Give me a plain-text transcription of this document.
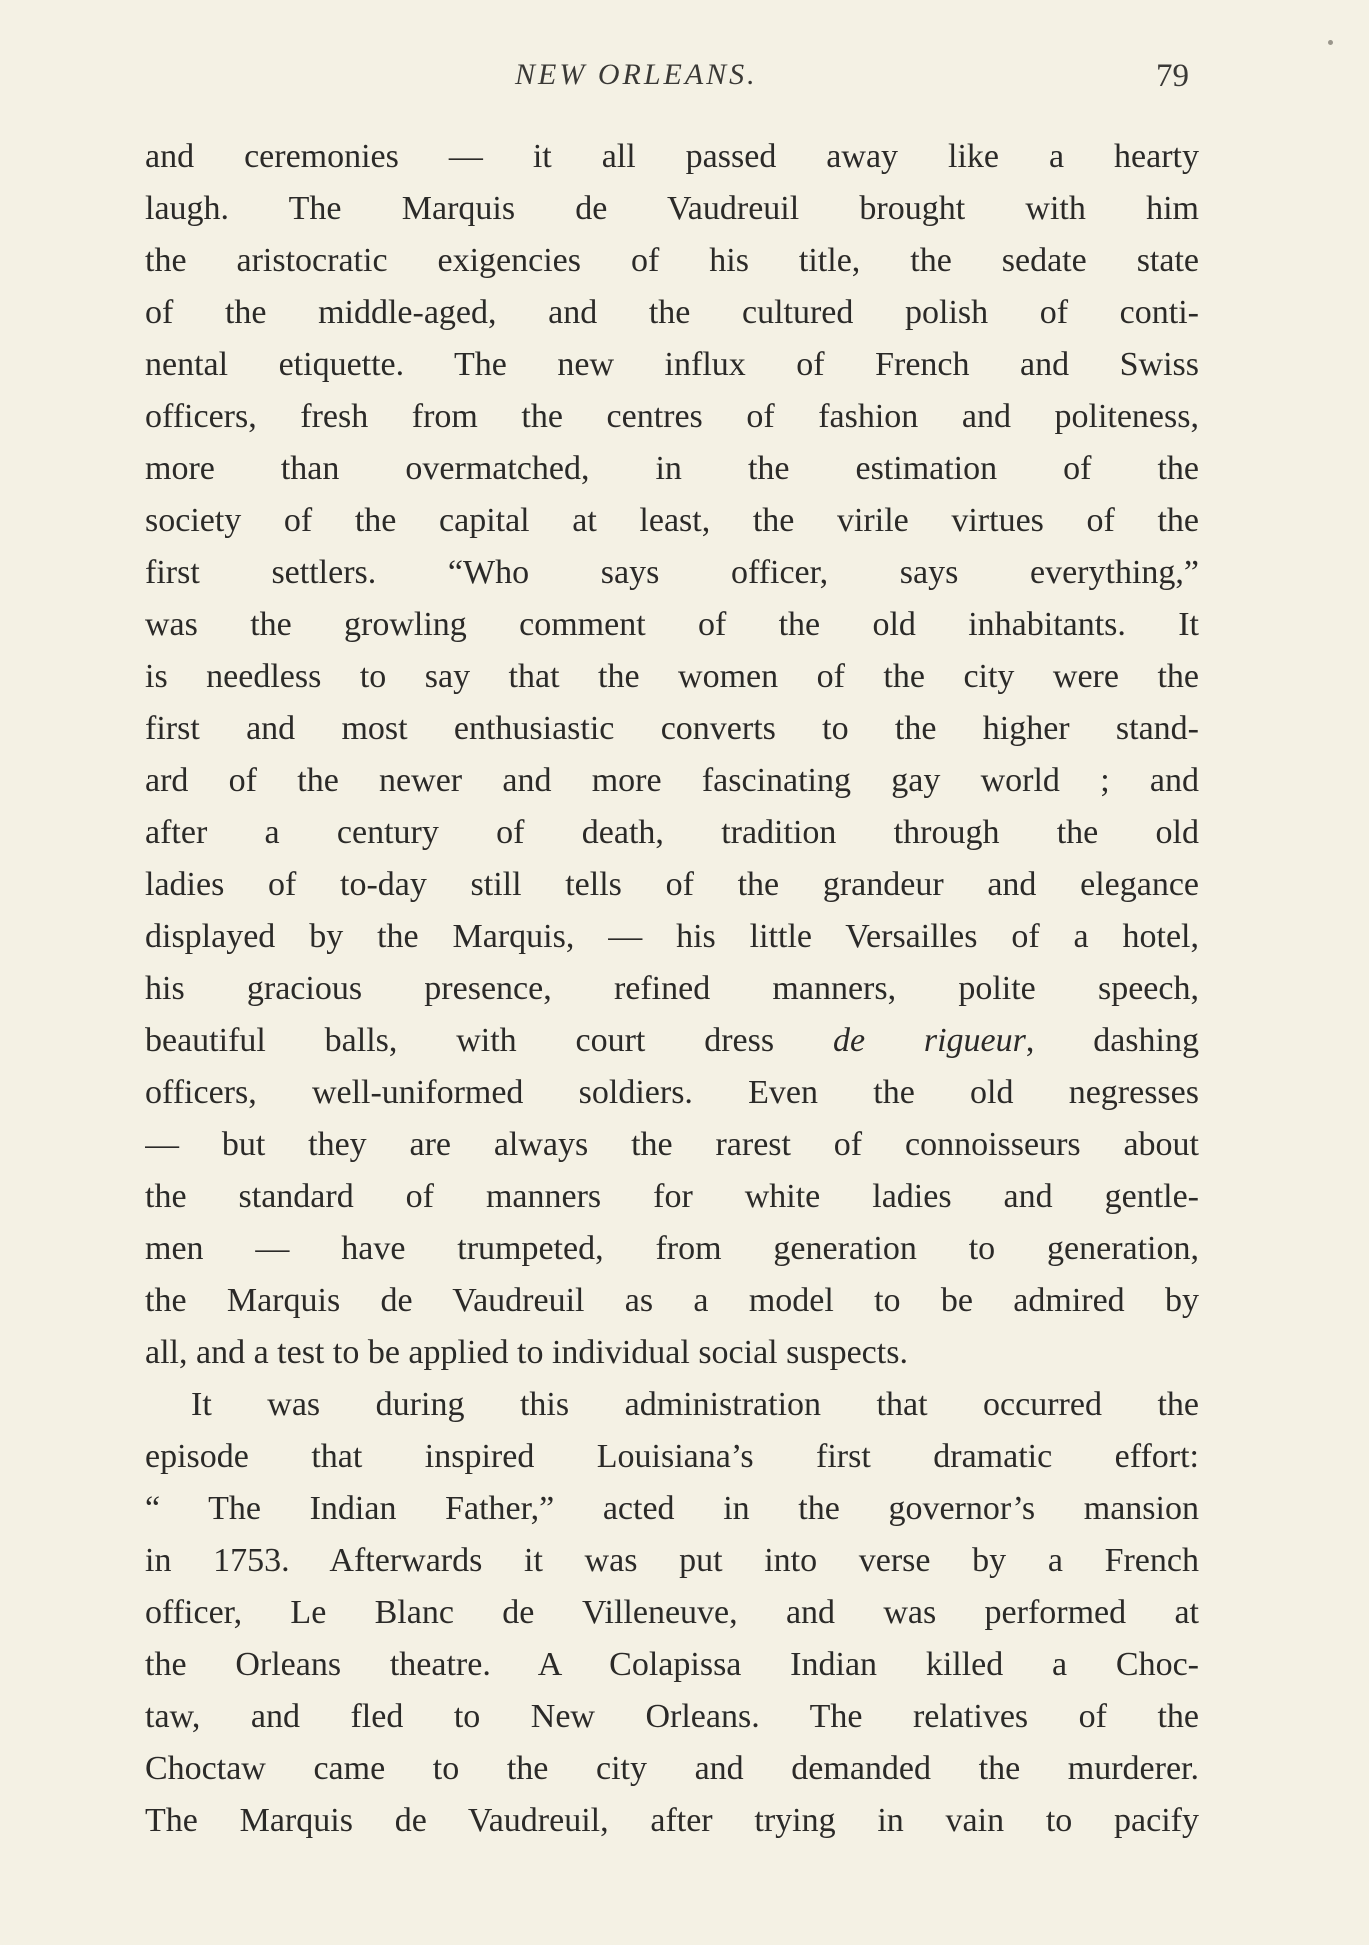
NEW ORLEANS.	79
and ceremonies — it all passed away like a hearty
laugh. The Marquis de Vaudreuil brought with him
the aristocratic exigencies of his title, the sedate state
of the middle-aged, and the cultured polish of conti-
nental etiquette. The new influx of French and Swiss
officers, fresh from the centres of fashion and politeness,
more than overmatched, in the estimation of the
society of the capital at least, the virile virtues of the
first settlers. “Who says officer, says everything,”
was the growling comment of the old inhabitants. It
is needless to say that the women of the city were the
first and most enthusiastic converts to the higher stand-
ard of the newer and more fascinating gay world ; and
after a century of death, tradition through the old
ladies of to-day still tells of the grandeur and elegance
displayed by the Marquis, — his little Versailles of a hotel,
his gracious presence, refined manners, polite speech,
beautiful balls, with court dress de rigueur, dashing
officers, well-uniformed soldiers. Even the old negresses
— but they are always the rarest of connoisseurs about
the standard of manners for white ladies and gentle-
men — have trumpeted, from generation to generation,
the Marquis de Vaudreuil as a model to be admired by
all, and a test to be applied to individual social suspects.
It was during this administration that occurred the
episode that inspired Louisiana’s first dramatic effort:
“ The Indian Father,” acted in the governor’s mansion
in 1753. Afterwards it was put into verse by a French
officer, Le Blanc de Villeneuve, and was performed at
the Orleans theatre. A Colapissa Indian killed a Choc-
taw, and fled to New Orleans. The relatives of the
Choctaw came to the city and demanded the murderer.
The Marquis de Vaudreuil, after trying in vain to pacify
